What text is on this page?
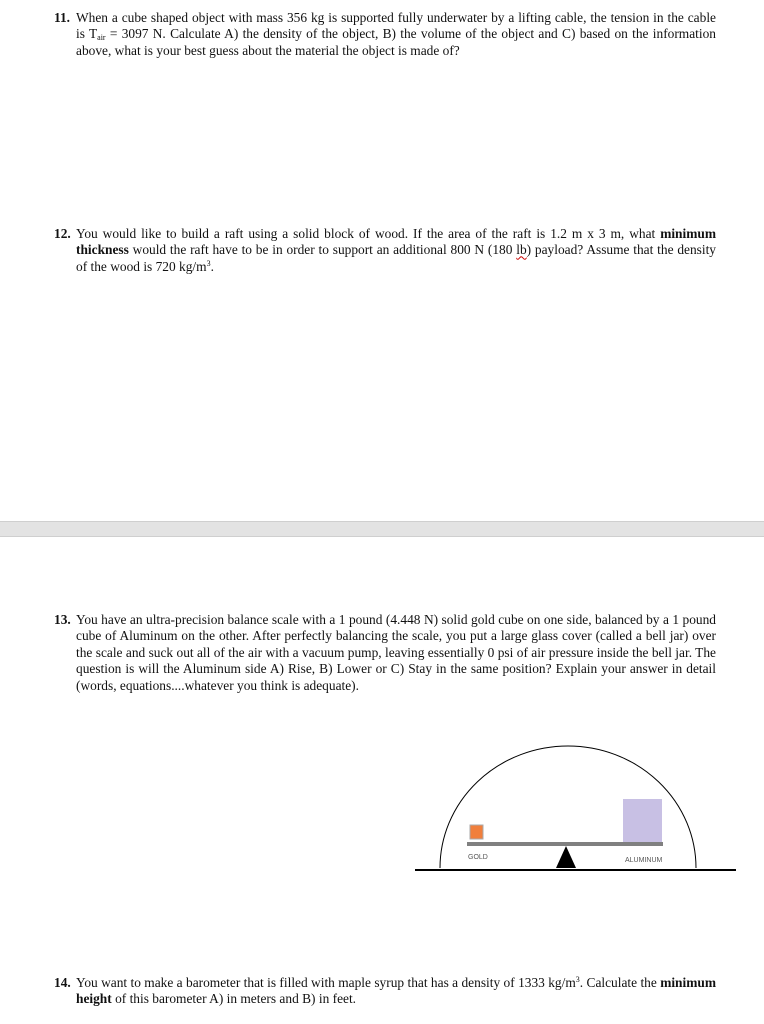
11. When a cube shaped object with mass 356 kg is supported fully underwater by a lifting cable, the tension in the cable is $T_{air} = 3097$ N. Calculate A) the density of the object, B) the volume of the object and C) based on the information above, what is your best guess about the material the object is made of?
12. You would like to build a raft using a solid block of wood. If the area of the raft is 1.2 m x 3 m, what minimum thickness would the raft have to be in order to support an additional 800 N (180 lb) payload? Assume that the density of the wood is 720 $kg/m^3$.
13. You have an ultra-precision balance scale with a 1 pound (4.448 N) solid gold cube on one side, balanced by a 1 pound cube of Aluminum on the other. After perfectly balancing the scale, you put a large glass cover (called a bell jar) over the scale and suck out all of the air with a vacuum pump, leaving essentially 0 psi of air pressure inside the bell jar. The question is will the Aluminum side A) Rise, B) Lower or C) Stay in the same position? Explain your answer in detail (words, equations....whatever you think is adequate).
GOLD	ALUMINUM
14. You want to make a barometer that is filled with maple syrup that has a density of 1333 $kg/m^3$. Calculate the minimum height of this barometer A) in meters and B) in feet.
